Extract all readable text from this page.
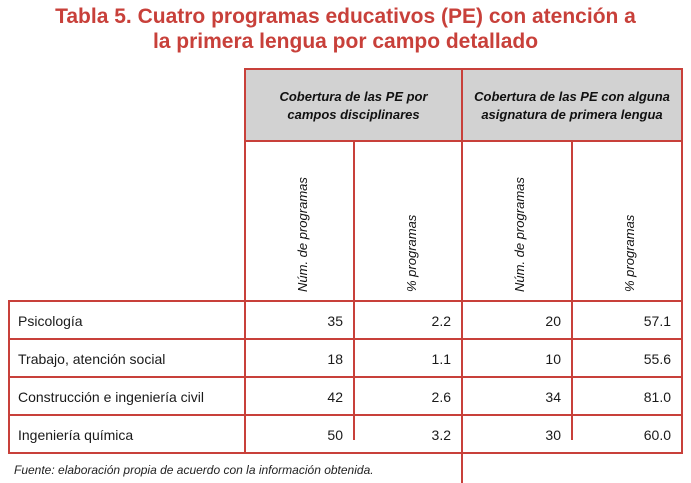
Tabla 5. Cuatro programas educativos (PE) con atención a
la primera lengua por campo detallado
Cobertura de las PE por campos disciplinares
Cobertura de las PE con alguna asignatura de primera lengua
Núm. de programas	% programas	Núm. de programas	% programas
Psicología	35	2.2	20	57.1
Trabajo, atención social	18	1.1	10	55.6
Construcción e ingeniería civil	42	2.6	34	81.0
Ingeniería química	50	3.2	30	60.0
Fuente: elaboración propia de acuerdo con la información obtenida.
